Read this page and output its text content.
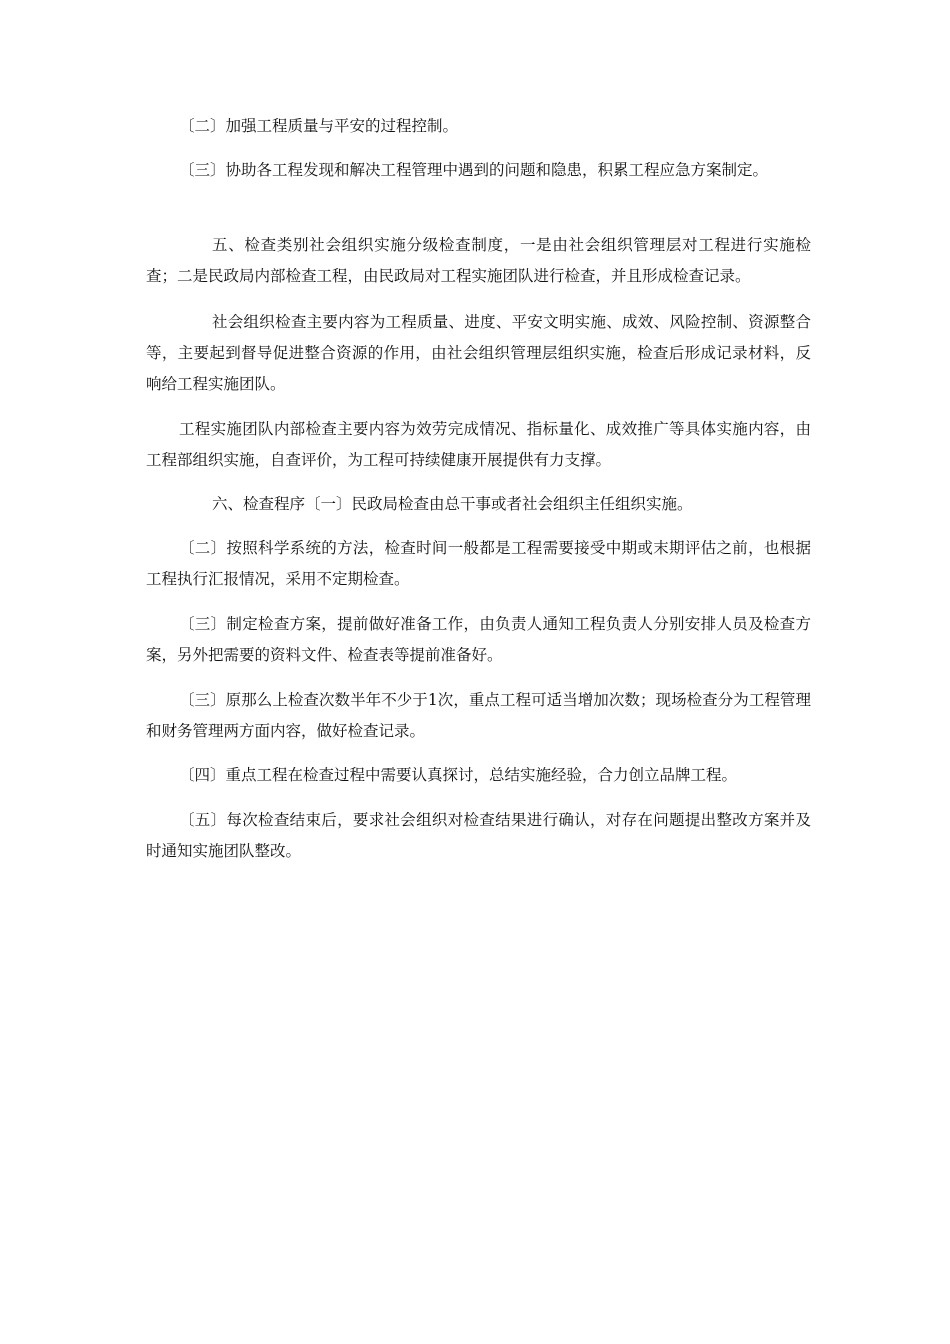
〔二〕加强工程质量与平安的过程控制。

〔三〕协助各工程发现和解决工程管理中遇到的问题和隐患，积累工程应急方案制定。

五、检查类别社会组织实施分级检查制度，一是由社会组织管理层对工程进行实施检查；二是民政局内部检查工程，由民政局对工程实施团队进行检查，并且形成检查记录。

社会组织检查主要内容为工程质量、进度、平安文明实施、成效、风险控制、资源整合等，主要起到督导促进整合资源的作用，由社会组织管理层组织实施，检查后形成记录材料，反响给工程实施团队。

工程实施团队内部检查主要内容为效劳完成情况、指标量化、成效推广等具体实施内容，由工程部组织实施，自查评价，为工程可持续健康开展提供有力支撑。

六、检查程序〔一〕民政局检查由总干事或者社会组织主任组织实施。

〔二〕按照科学系统的方法，检查时间一般都是工程需要接受中期或末期评估之前，也根据工程执行汇报情况，采用不定期检查。

〔三〕制定检查方案，提前做好准备工作，由负责人通知工程负责人分别安排人员及检查方案，另外把需要的资料文件、检查表等提前准备好。

〔三〕原那么上检查次数半年不少于1次，重点工程可适当增加次数；现场检查分为工程管理和财务管理两方面内容，做好检查记录。

〔四〕重点工程在检查过程中需要认真探讨，总结实施经验，合力创立品牌工程。

〔五〕每次检查结束后，要求社会组织对检查结果进行确认，对存在问题提出整改方案并及时通知实施团队整改。
